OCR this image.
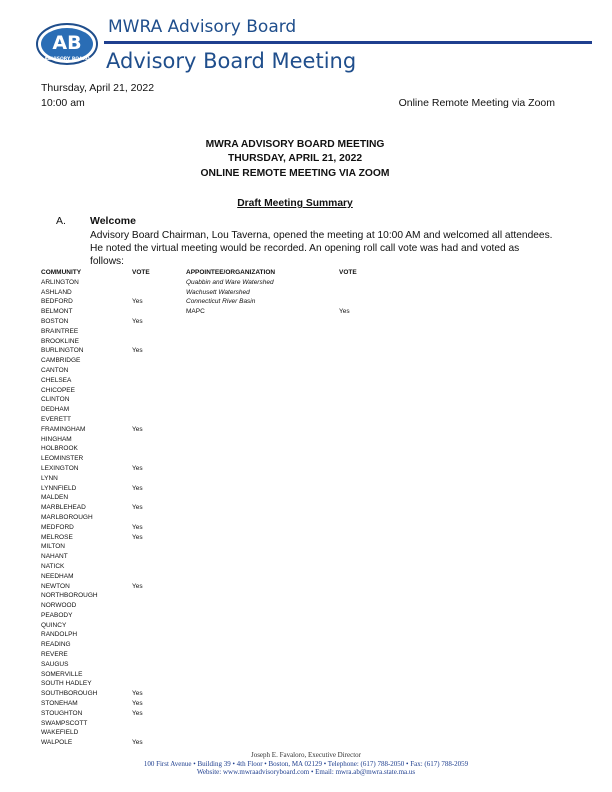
AB
ADVISORY BOARD
MWRA Advisory Board
Advisory Board Meeting
Thursday, April 21, 2022
10:00 am	Online Remote Meeting via Zoom
MWRA ADVISORY BOARD MEETING
THURSDAY, APRIL 21, 2022
ONLINE REMOTE MEETING VIA ZOOM
Draft Meeting Summary
A. Welcome
Advisory Board Chairman, Lou Taverna, opened the meeting at 10:00 AM and welcomed all attendees. He noted the virtual meeting would be recorded. An opening roll call vote was had and voted as follows:
COMMUNITY
ARLINGTON
ASHLAND
BEDFORD
BELMONT
BOSTON
BRAINTREE
BROOKLINE
BURLINGTON
CAMBRIDGE
CANTON
CHELSEA
CHICOPEE
CLINTON
DEDHAM
EVERETT
FRAMINGHAM
HINGHAM
HOLBROOK
LEOMINSTER
LEXINGTON
LYNN
LYNNFIELD
MALDEN
MARBLEHEAD
MARLBOROUGH
MEDFORD
MELROSE
MILTON
NAHANT
NATICK
NEEDHAM
NEWTON
NORTHBOROUGH
NORWOOD
PEABODY
QUINCY
RANDOLPH
READING
REVERE
SAUGUS
SOMERVILLE
SOUTH HADLEY
SOUTHBOROUGH
STONEHAM
STOUGHTON
SWAMPSCOTT
WAKEFIELD
WALPOLE
VOTE
Yes
Yes
Yes
Yes
Yes
Yes
Yes
Yes
Yes
Yes
Yes
Yes
Yes
Yes
APPOINTEE/ORGANIZATION
Quabbin and Ware Watershed
Wachusett Watershed
Connecticut River Basin
MAPC
VOTE
Yes
Joseph E. Favaloro, Executive Director
100 First Avenue • Building 39 • 4th Floor • Boston, MA 02129 • Telephone: (617) 788-2050 • Fax: (617) 788-2059
Website: www.mwraadvisoryboard.com • Email: mwra.ab@mwra.state.ma.us
